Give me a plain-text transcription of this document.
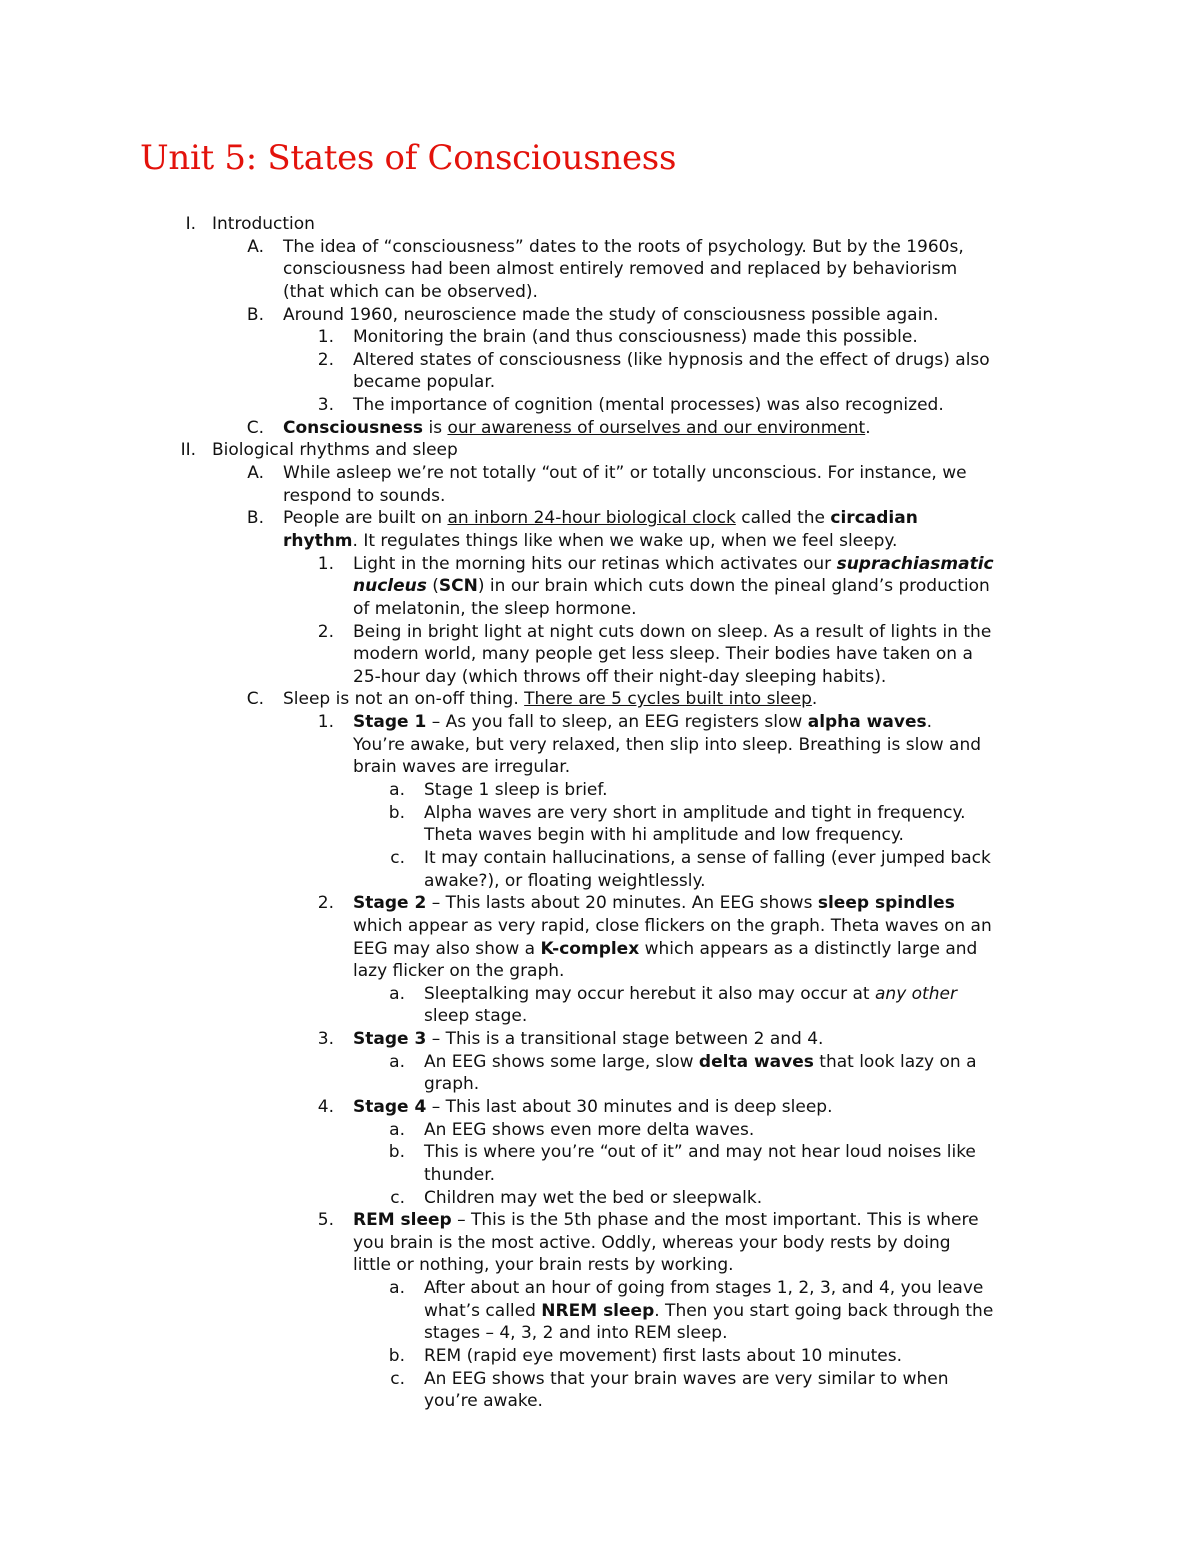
Unit 5: States of Consciousness
I. Introduction
A. The idea of “consciousness” dates to the roots of psychology. But by the 1960s,
consciousness had been almost entirely removed and replaced by behaviorism
(that which can be observed).
B. Around 1960, neuroscience made the study of consciousness possible again.
1. Monitoring the brain (and thus consciousness) made this possible.
2. Altered states of consciousness (like hypnosis and the effect of drugs) also
became popular.
3. The importance of cognition (mental processes) was also recognized.
C. Consciousness is our awareness of ourselves and our environment.
II. Biological rhythms and sleep
A. While asleep we’re not totally “out of it” or totally unconscious. For instance, we
respond to sounds.
B. People are built on an inborn 24-hour biological clock called the circadian
rhythm. It regulates things like when we wake up, when we feel sleepy.
1. Light in the morning hits our retinas which activates our suprachiasmatic
nucleus (SCN) in our brain which cuts down the pineal gland’s production
of melatonin, the sleep hormone.
2. Being in bright light at night cuts down on sleep. As a result of lights in the
modern world, many people get less sleep. Their bodies have taken on a
25-hour day (which throws off their night-day sleeping habits).
C. Sleep is not an on-off thing. There are 5 cycles built into sleep.
1. Stage 1 – As you fall to sleep, an EEG registers slow alpha waves.
You’re awake, but very relaxed, then slip into sleep. Breathing is slow and
brain waves are irregular.
a. Stage 1 sleep is brief.
b. Alpha waves are very short in amplitude and tight in frequency.
Theta waves begin with hi amplitude and low frequency.
c. It may contain hallucinations, a sense of falling (ever jumped back
awake?), or floating weightlessly.
2. Stage 2 – This lasts about 20 minutes. An EEG shows sleep spindles
which appear as very rapid, close flickers on the graph. Theta waves on an
EEG may also show a K-complex which appears as a distinctly large and
lazy flicker on the graph.
a. Sleeptalking may occur herebut it also may occur at any other
sleep stage.
3. Stage 3 – This is a transitional stage between 2 and 4.
a. An EEG shows some large, slow delta waves that look lazy on a
graph.
4. Stage 4 – This last about 30 minutes and is deep sleep.
a. An EEG shows even more delta waves.
b. This is where you’re “out of it” and may not hear loud noises like
thunder.
c. Children may wet the bed or sleepwalk.
5. REM sleep – This is the 5th phase and the most important. This is where
you brain is the most active. Oddly, whereas your body rests by doing
little or nothing, your brain rests by working.
a. After about an hour of going from stages 1, 2, 3, and 4, you leave
what’s called NREM sleep. Then you start going back through the
stages – 4, 3, 2 and into REM sleep.
b. REM (rapid eye movement) first lasts about 10 minutes.
c. An EEG shows that your brain waves are very similar to when
you’re awake.
